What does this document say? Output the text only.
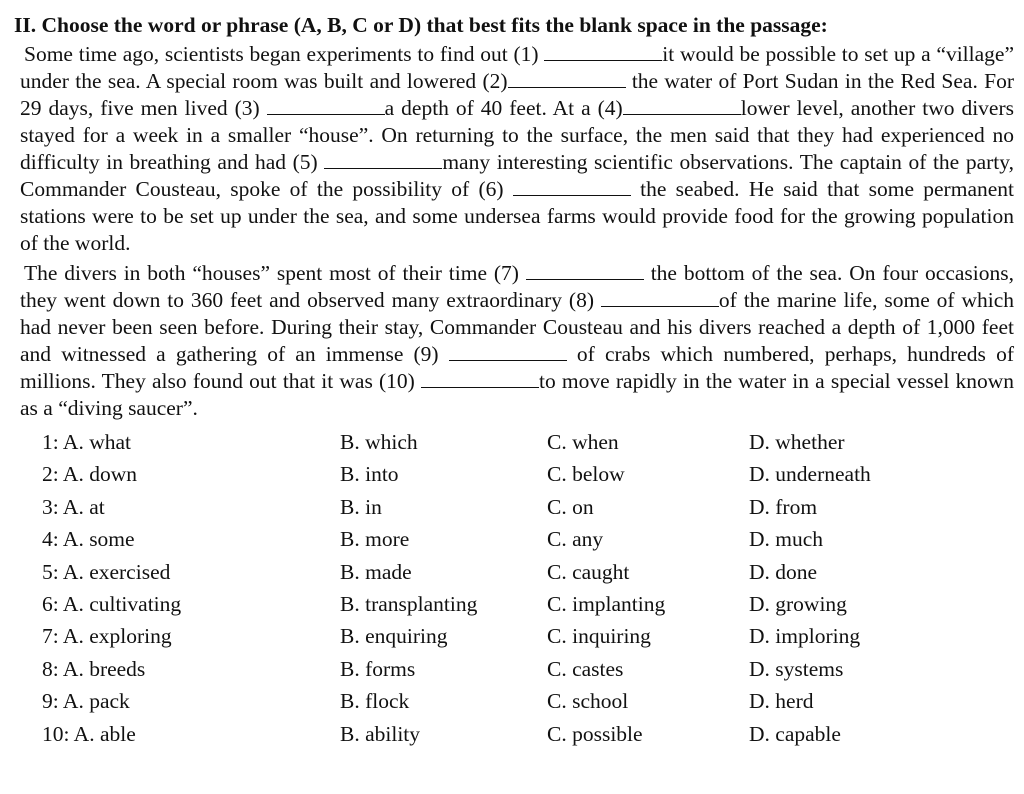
II. Choose the word or phrase (A, B, C or D) that best fits the blank space in the passage:

Some time ago, scientists began experiments to find out (1)	it would be possible to set up a “village” under the sea. A special room was built and lowered (2)	the water of Port Sudan in the Red Sea. For 29 days, five men lived (3)	a depth of 40 feet. At a (4)	lower level, another two divers stayed for a week in a smaller “house”. On returning to the surface, the men said that they had experienced no difficulty in breathing and had (5)	many interesting scientific observations. The captain of the party, Commander Cousteau, spoke of the possibility of (6)	the seabed. He said that some permanent stations were to be set up under the sea, and some undersea farms would provide food for the growing population of the world.

The divers in both “houses” spent most of their time (7)	the bottom of the sea. On four occasions, they went down to 360 feet and observed many extraordinary (8)	of the marine life, some of which had never been seen before. During their stay, Commander Cousteau and his divers reached a depth of 1,000 feet and witnessed a gathering of an immense (9)	of crabs which numbered, perhaps, hundreds of millions. They also found out that it was (10)	to move rapidly in the water in a special vessel known as a “diving saucer”.

1: A. what	B. which	C. when	D. whether
2: A. down	B. into	C. below	D. underneath
3: A. at	B. in	C. on	D. from
4: A. some	B. more	C. any	D. much
5: A. exercised	B. made	C. caught	D. done
6: A. cultivating	B. transplanting	C. implanting	D. growing
7: A. exploring	B. enquiring	C. inquiring	D. imploring
8: A. breeds	B. forms	C. castes	D. systems
9: A. pack	B. flock	C. school	D. herd
10: A. able	B. ability	C. possible	D. capable
